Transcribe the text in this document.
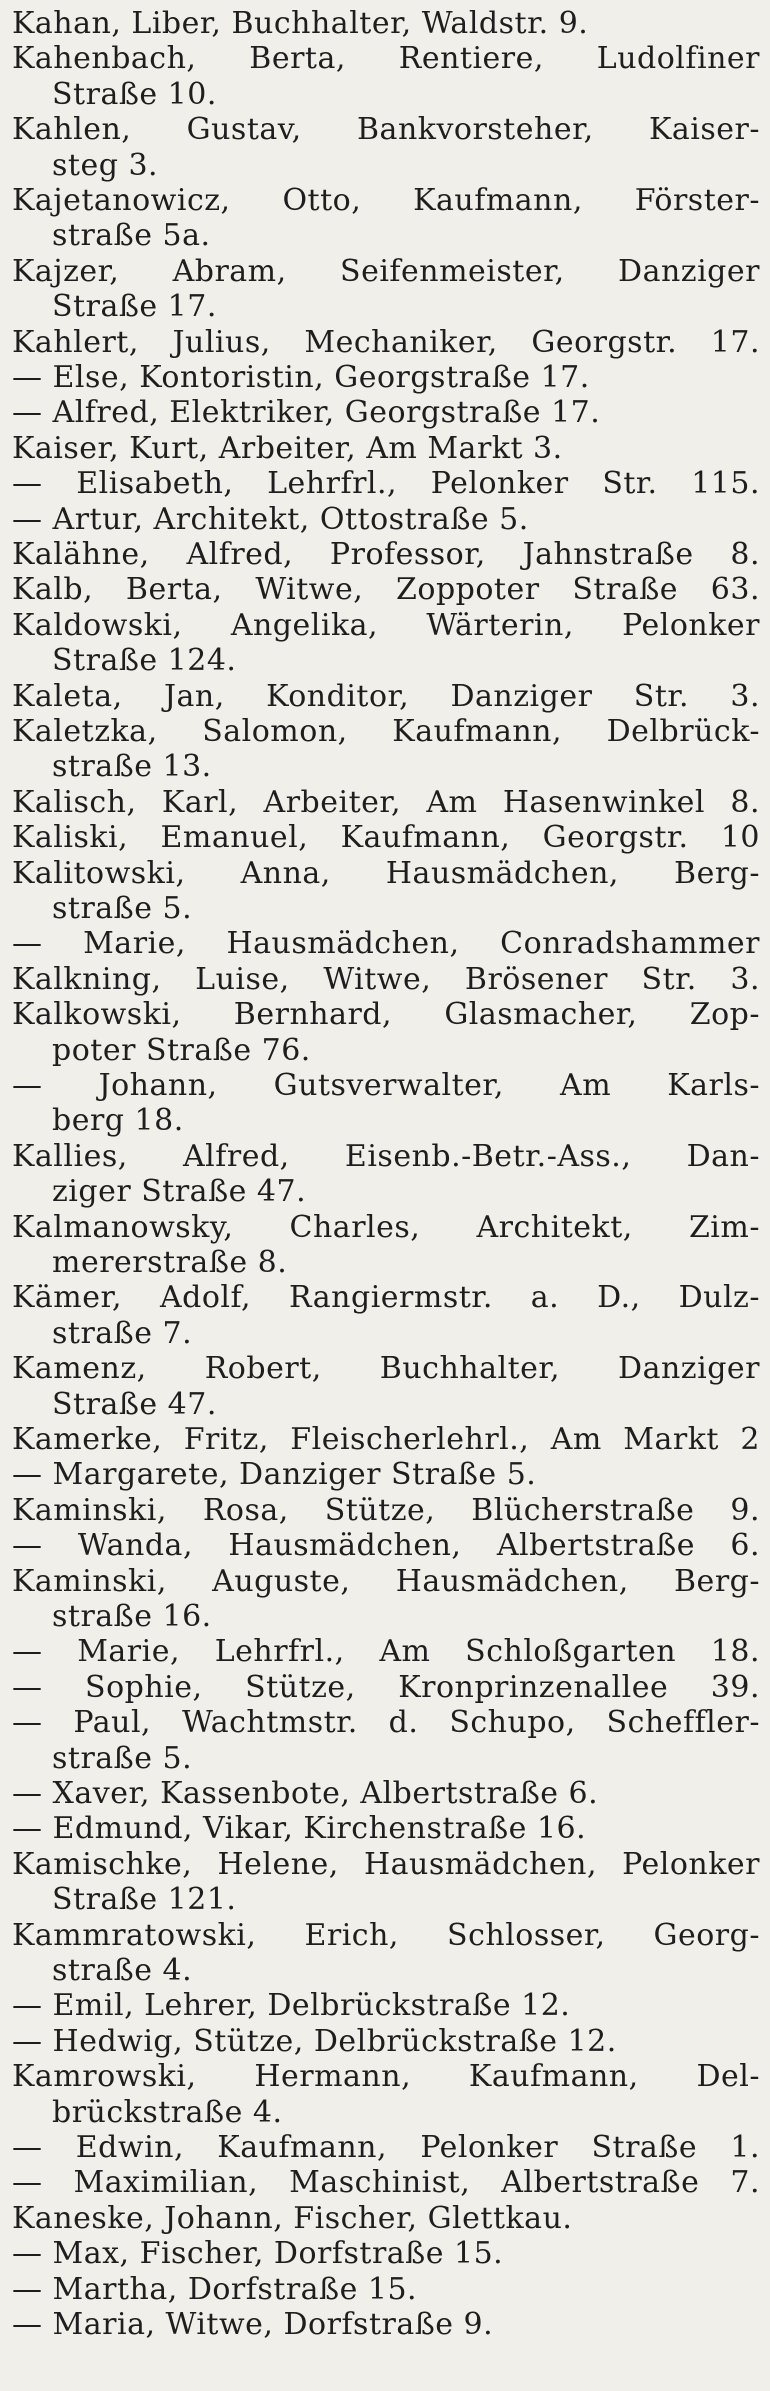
Kahan, Liber, Buchhalter, Waldstr. 9.
Kahenbach, Berta, Rentiere, Ludolfiner
Straße 10.
Kahlen, Gustav, Bankvorsteher, Kaiser-
steg 3.
Kajetanowicz, Otto, Kaufmann, Förster-
straße 5a.
Kajzer, Abram, Seifenmeister, Danziger
Straße 17.
Kahlert, Julius, Mechaniker, Georgstr. 17.
— Else, Kontoristin, Georgstraße 17.
— Alfred, Elektriker, Georgstraße 17.
Kaiser, Kurt, Arbeiter, Am Markt 3.
— Elisabeth, Lehrfrl., Pelonker Str. 115.
— Artur, Architekt, Ottostraße 5.
Kalähne, Alfred, Professor, Jahnstraße 8.
Kalb, Berta, Witwe, Zoppoter Straße 63.
Kaldowski, Angelika, Wärterin, Pelonker
Straße 124.
Kaleta, Jan, Konditor, Danziger Str. 3.
Kaletzka, Salomon, Kaufmann, Delbrück-
straße 13.
Kalisch, Karl, Arbeiter, Am Hasenwinkel 8.
Kaliski, Emanuel, Kaufmann, Georgstr. 10
Kalitowski, Anna, Hausmädchen, Berg-
straße 5.
— Marie, Hausmädchen, Conradshammer
Kalkning, Luise, Witwe, Brösener Str. 3.
Kalkowski, Bernhard, Glasmacher, Zop-
poter Straße 76.
— Johann, Gutsverwalter, Am Karls-
berg 18.
Kallies, Alfred, Eisenb.-Betr.-Ass., Dan-
ziger Straße 47.
Kalmanowsky, Charles, Architekt, Zim-
mererstraße 8.
Kämer, Adolf, Rangiermstr. a. D., Dulz-
straße 7.
Kamenz, Robert, Buchhalter, Danziger
Straße 47.
Kamerke, Fritz, Fleischerlehrl., Am Markt 2
— Margarete, Danziger Straße 5.
Kaminski, Rosa, Stütze, Blücherstraße 9.
— Wanda, Hausmädchen, Albertstraße 6.
Kaminski, Auguste, Hausmädchen, Berg-
straße 16.
— Marie, Lehrfrl., Am Schloßgarten 18.
— Sophie, Stütze, Kronprinzenallee 39.
— Paul, Wachtmstr. d. Schupo, Scheffler-
straße 5.
— Xaver, Kassenbote, Albertstraße 6.
— Edmund, Vikar, Kirchenstraße 16.
Kamischke, Helene, Hausmädchen, Pelonker
Straße 121.
Kammratowski, Erich, Schlosser, Georg-
straße 4.
— Emil, Lehrer, Delbrückstraße 12.
— Hedwig, Stütze, Delbrückstraße 12.
Kamrowski, Hermann, Kaufmann, Del-
brückstraße 4.
— Edwin, Kaufmann, Pelonker Straße 1.
— Maximilian, Maschinist, Albertstraße 7.
Kaneske, Johann, Fischer, Glettkau.
— Max, Fischer, Dorfstraße 15.
— Martha, Dorfstraße 15.
— Maria, Witwe, Dorfstraße 9.
